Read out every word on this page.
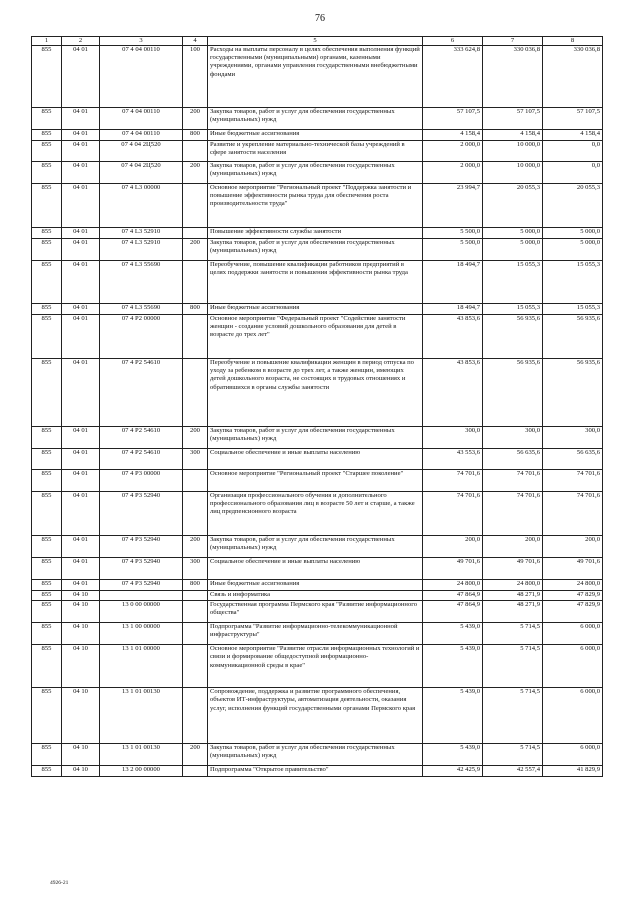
76
1	2	3	4	5	6	7	8
855	04 01	07 4 04 00110	100	Расходы на выплаты персоналу в целях обеспечения выполнения функций государственными (муниципальными) органами, казенными учреждениями, органами управления государственными внебюджетными фондами	333 624,8	330 036,8	330 036,8
855	04 01	07 4 04 00110	200	Закупка товаров, работ и услуг для обеспечения государственных (муниципальных) нужд	57 107,5	57 107,5	57 107,5
855	04 01	07 4 04 00110	800	Иные бюджетные ассигнования	4 158,4	4 158,4	4 158,4
855	04 01	07 4 04 2Ц520		Развитие и укрепление материально-технической базы учреждений в сфере занятости населения	2 000,0	10 000,0	0,0
855	04 01	07 4 04 2Ц520	200	Закупка товаров, работ и услуг для обеспечения государственных (муниципальных) нужд	2 000,0	10 000,0	0,0
855	04 01	07 4 L3 00000		Основное мероприятие "Региональный проект "Поддержка занятости и повышение эффективности рынка труда для обеспечения роста производительности труда"	23 994,7	20 055,3	20 055,3
855	04 01	07 4 L3 52910		Повышение эффективности службы занятости	5 500,0	5 000,0	5 000,0
855	04 01	07 4 L3 52910	200	Закупка товаров, работ и услуг для обеспечения государственных (муниципальных) нужд	5 500,0	5 000,0	5 000,0
855	04 01	07 4 L3 55690		Переобучение, повышение квалификации работников предприятий в целях поддержки занятости и повышения эффективности рынка труда	18 494,7	15 055,3	15 055,3
855	04 01	07 4 L3 55690	800	Иные бюджетные ассигнования	18 494,7	15 055,3	15 055,3
855	04 01	07 4 P2 00000		Основное мероприятие "Федеральный проект "Содействие занятости женщин - создание условий дошкольного образования для детей в возрасте до трех лет"	43 853,6	56 935,6	56 935,6
855	04 01	07 4 P2 54610		Переобучение и повышение квалификации женщин в период отпуска по уходу за ребенком в возрасте до трех лет, а также женщин, имеющих детей дошкольного возраста, не состоящих в трудовых отношениях и обратившихся в органы службы занятости	43 853,6	56 935,6	56 935,6
855	04 01	07 4 P2 54610	200	Закупка товаров, работ и услуг для обеспечения государственных (муниципальных) нужд	300,0	300,0	300,0
855	04 01	07 4 P2 54610	300	Социальное обеспечение и иные выплаты населению	43 553,6	56 635,6	56 635,6
855	04 01	07 4 P3 00000		Основное мероприятие "Региональный проект "Старшее поколение"	74 701,6	74 701,6	74 701,6
855	04 01	07 4 P3 52940		Организация профессионального обучения и дополнительного профессионального образования лиц в возрасте 50 лет и старше, а также лиц предпенсионного возраста	74 701,6	74 701,6	74 701,6
855	04 01	07 4 P3 52940	200	Закупка товаров, работ и услуг для обеспечения государственных (муниципальных) нужд	200,0	200,0	200,0
855	04 01	07 4 P3 52940	300	Социальное обеспечение и иные выплаты населению	49 701,6	49 701,6	49 701,6
855	04 01	07 4 P3 52940	800	Иные бюджетные ассигнования	24 800,0	24 800,0	24 800,0
855	04 10			Связь и информатика	47 864,9	48 271,9	47 829,9
855	04 10	13 0 00 00000		Государственная программа Пермского края "Развитие информационного общества"	47 864,9	48 271,9	47 829,9
855	04 10	13 1 00 00000		Подпрограмма "Развитие информационно-телекоммуникационной инфраструктуры"	5 439,0	5 714,5	6 000,0
855	04 10	13 1 01 00000		Основное мероприятие "Развитие отрасли информационных технологий и связи и формирование общедоступной информационно-коммуникационной среды в крае"	5 439,0	5 714,5	6 000,0
855	04 10	13 1 01 00130		Сопровождение, поддержка и развитие программного обеспечения, объектов ИТ-инфраструктуры, автоматизация деятельности, оказания услуг, исполнения функций государственными органами Пермского края	5 439,0	5 714,5	6 000,0
855	04 10	13 1 01 00130	200	Закупка товаров, работ и услуг для обеспечения государственных (муниципальных) нужд	5 439,0	5 714,5	6 000,0
855	04 10	13 2 00 00000		Подпрограмма "Открытое правительство"	42 425,9	42 557,4	41 829,9
4926-21
